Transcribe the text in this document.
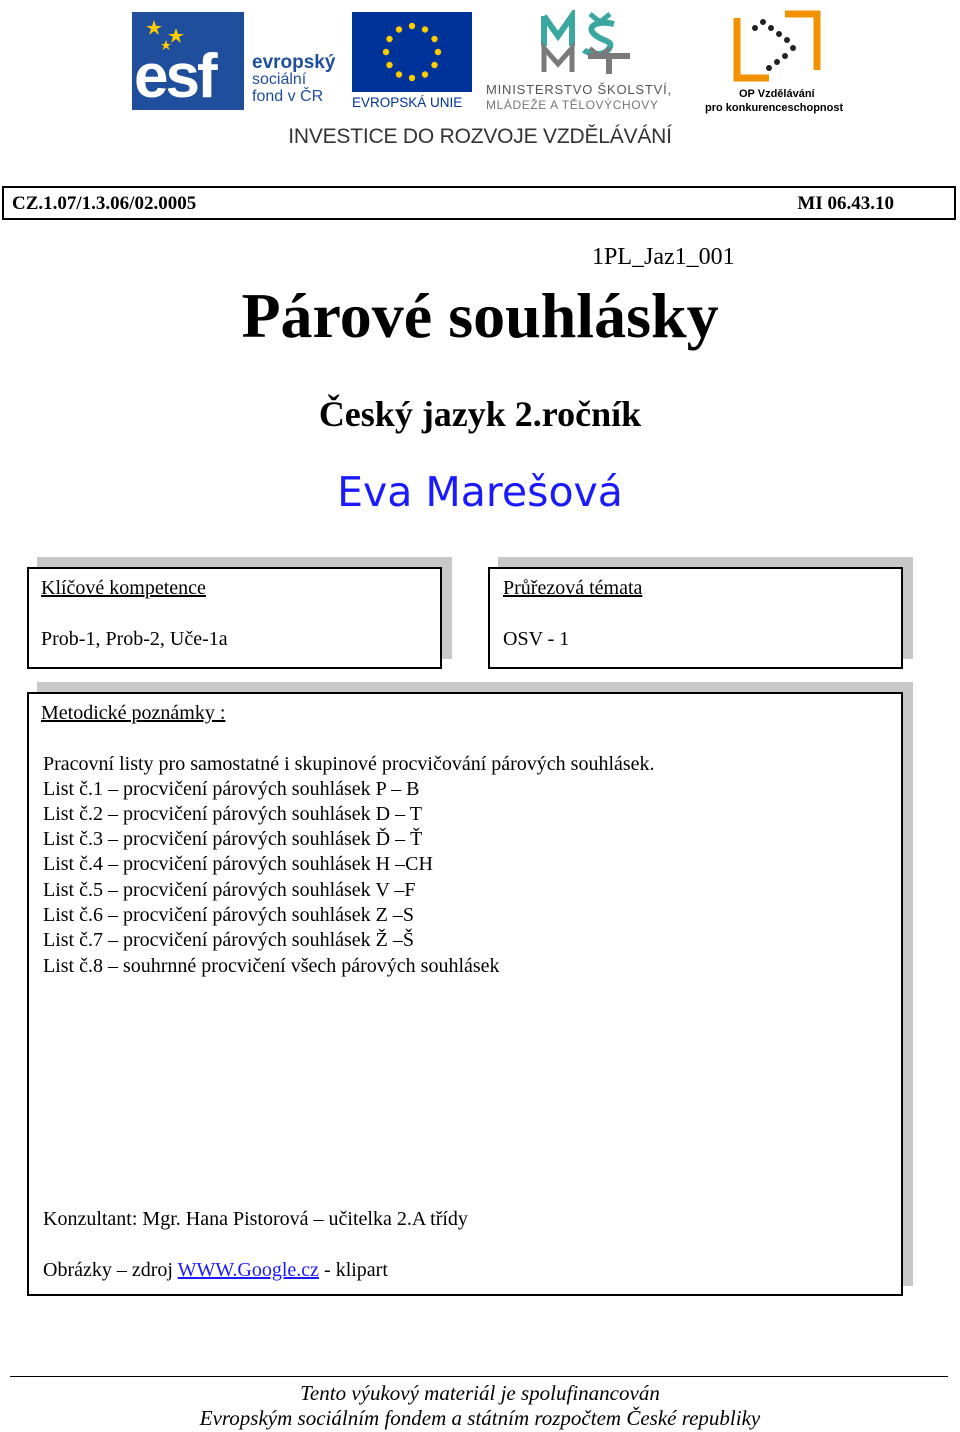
esf evropský
sociální
fond v ČR	EVROPSKÁ UNIE
MINISTERSTVO ŠKOLSTVÍ,
MLÁDEŽE A TĚLOVÝCHOVY
OP Vzdělávání
pro konkurenceschopnost
INVESTICE DO ROZVOJE VZDĚLÁVÁNÍ
CZ.1.07/1.3.06/02.0005	MI 06.43.10
1PL_Jaz1_001
Párové souhlásky
Český jazyk 2.ročník
Eva Marešová
Klíčové kompetence
Prob-1, Prob-2, Uče-1a
Průřezová témata
OSV - 1
Metodické poznámky :
Pracovní listy pro samostatné i skupinové procvičování párových souhlásek.
List č.1 – procvičení párových souhlásek P – B
List č.2 – procvičení párových souhlásek D – T
List č.3 – procvičení párových souhlásek Ď – Ť
List č.4 – procvičení párových souhlásek H –CH
List č.5 – procvičení párových souhlásek V –F
List č.6 – procvičení párových souhlásek Z –S
List č.7 – procvičení párových souhlásek Ž –Š
List č.8 – souhrnné procvičení všech párových souhlásek
Konzultant: Mgr. Hana Pistorová – učitelka 2.A třídy
Obrázky – zdroj WWW.Google.cz - klipart
Tento výukový materiál je spolufinancován
Evropským sociálním fondem a státním rozpočtem České republiky
